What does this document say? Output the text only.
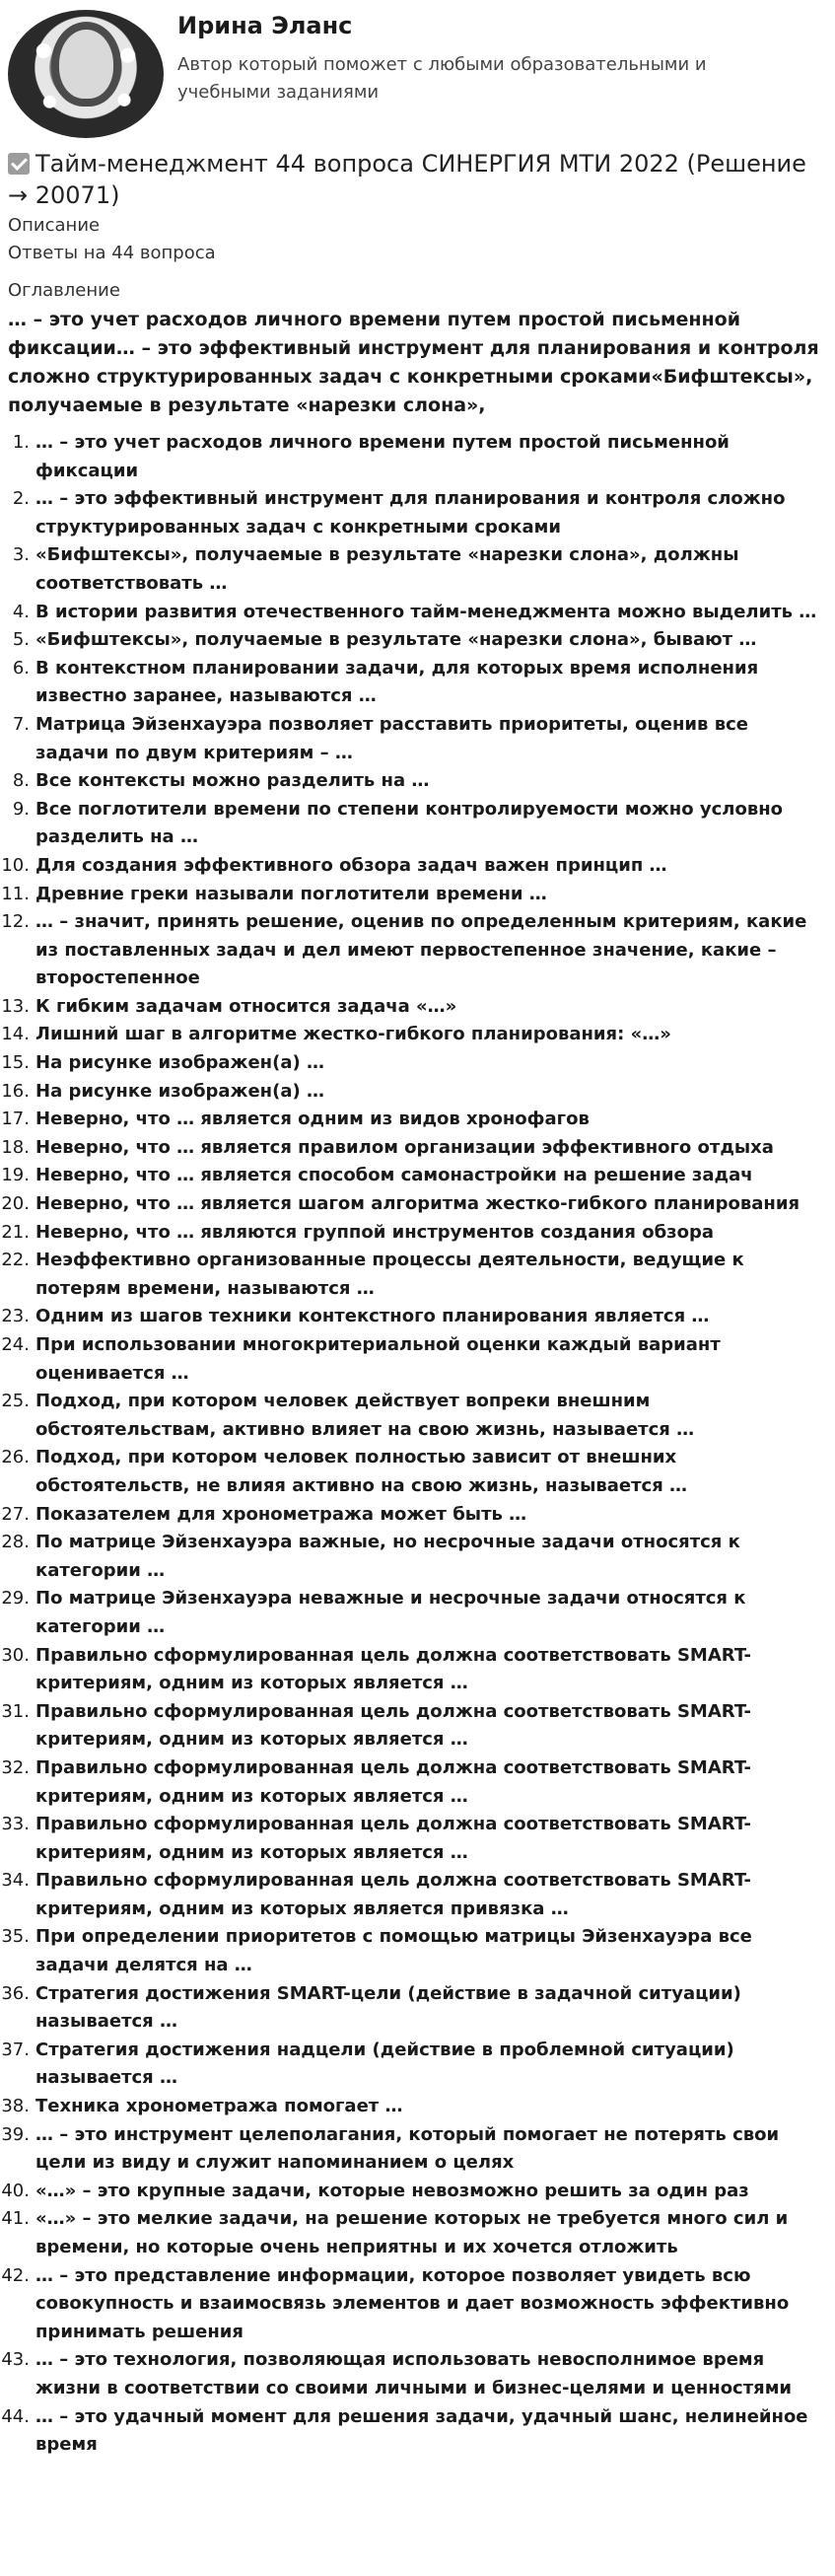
Ирина Эланс

Автор который поможет с любыми образовательными и учебными заданиями

Тайм-менеджмент 44 вопроса СИНЕРГИЯ МТИ 2022 (Решение → 20071)

Описание

Ответы на 44 вопроса

Оглавление

… – это учет расходов личного времени путем простой письменной фиксации… – это эффективный инструмент для планирования и контроля сложно структурированных задач с конкретными сроками«Бифштексы», получаемые в результате «нарезки слона»,

1 . … – это учет расходов личного времени путем простой письменной фиксации
2 . … – это эффективный инструмент для планирования и контроля сложно структурированных задач с конкретными сроками
3 . «Бифштексы», получаемые в результате «нарезки слона», должны соответствовать …
4 . В истории развития отечественного тайм-менеджмента можно выделить …
5 . «Бифштексы», получаемые в результате «нарезки слона», бывают …
6 . В контекстном планировании задачи, для которых время исполнения известно заранее, называются …
7 . Матрица Эйзенхауэра позволяет расставить приоритеты, оценив все задачи по двум критериям – …
8 . Все контексты можно разделить на …
9 . Все поглотители времени по степени контролируемости можно условно разделить на …
10 . Для создания эффективного обзора задач важен принцип …
11 . Древние греки называли поглотители времени …
12 . … – значит, принять решение, оценив по определенным критериям, какие из поставленных задач и дел имеют первостепенное значение, какие – второстепенное
13 . К гибким задачам относится задача «…»
14 . Лишний шаг в алгоритме жестко-гибкого планирования: «…»
15 . На рисунке изображен(а) …
16 . На рисунке изображен(а) …
17 . Неверно, что … является одним из видов хронофагов
18 . Неверно, что … является правилом организации эффективного отдыха
19 . Неверно, что … является способом самонастройки на решение задач
20 . Неверно, что … является шагом алгоритма жестко-гибкого планирования
21 . Неверно, что … являются группой инструментов создания обзора
22 . Неэффективно организованные процессы деятельности, ведущие к потерям времени, называются …
23 . Одним из шагов техники контекстного планирования является …
24 . При использовании многокритериальной оценки каждый вариант оценивается …
25 . Подход, при котором человек действует вопреки внешним обстоятельствам, активно влияет на свою жизнь, называется …
26 . Подход, при котором человек полностью зависит от внешних обстоятельств, не влияя активно на свою жизнь, называется …
27 . Показателем для хронометража может быть …
28 . По матрице Эйзенхауэра важные, но несрочные задачи относятся к категории …
29 . По матрице Эйзенхауэра неважные и несрочные задачи относятся к категории …
30 . Правильно сформулированная цель должна соответствовать SMART-критериям, одним из которых является …
31 . Правильно сформулированная цель должна соответствовать SMART-критериям, одним из которых является …
32 . Правильно сформулированная цель должна соответствовать SMART-критериям, одним из которых является …
33 . Правильно сформулированная цель должна соответствовать SMART-критериям, одним из которых является …
34 . Правильно сформулированная цель должна соответствовать SMART-критериям, одним из которых является привязка …
35 . При определении приоритетов с помощью матрицы Эйзенхауэра все задачи делятся на …
36 . Стратегия достижения SMART-цели (действие в задачной ситуации) называется …
37 . Стратегия достижения надцели (действие в проблемной ситуации) называется …
38 . Техника хронометража помогает …
39 . … – это инструмент целеполагания, который помогает не потерять свои цели из виду и служит напоминанием о целях
40 . «…» – это крупные задачи, которые невозможно решить за один раз
41 . «…» – это мелкие задачи, на решение которых не требуется много сил и времени, но которые очень неприятны и их хочется отложить
42 . … – это представление информации, которое позволяет увидеть всю совокупность и взаимосвязь элементов и дает возможность эффективно принимать решения
43 . … – это технология, позволяющая использовать невосполнимое время жизни в соответствии со своими личными и бизнес-целями и ценностями
44 . … – это удачный момент для решения задачи, удачный шанс, нелинейное время
